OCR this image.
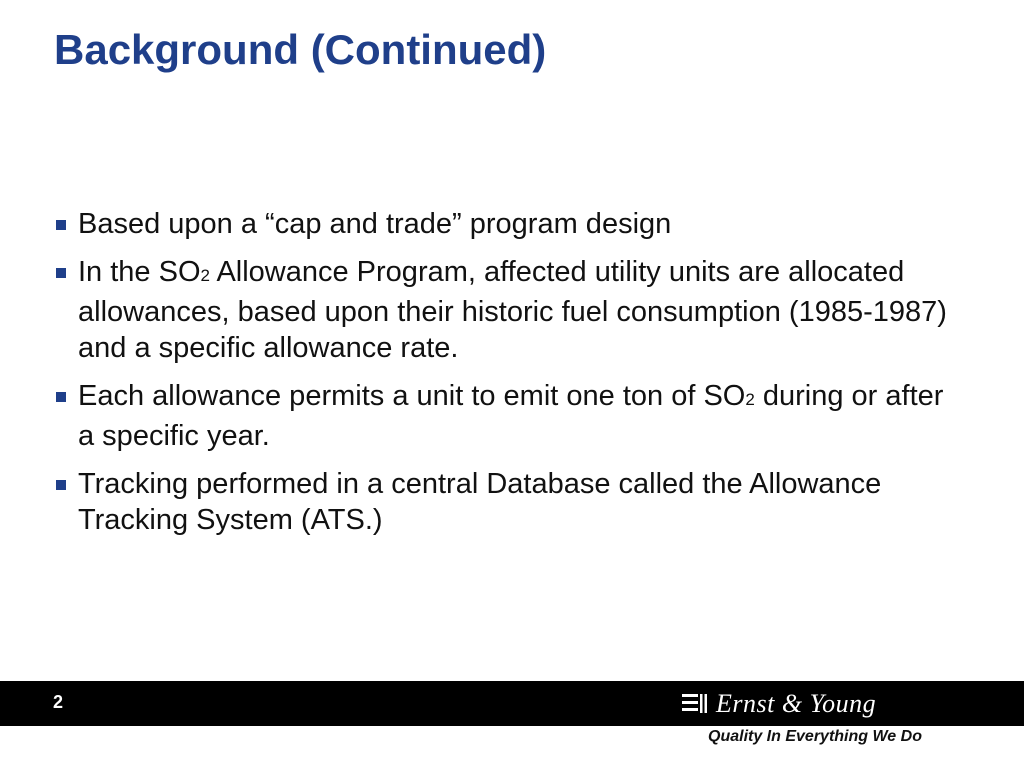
Background (Continued)
Based upon a “cap and trade” program design
In the SO2 Allowance Program, affected utility units are allocated allowances, based upon their historic fuel consumption (1985-1987) and a specific allowance rate.
Each allowance permits a unit to emit one ton of SO2 during or after a specific year.
Tracking performed in a central Database called the Allowance Tracking System (ATS.)
2	Ernst & Young
Quality In Everything We Do
